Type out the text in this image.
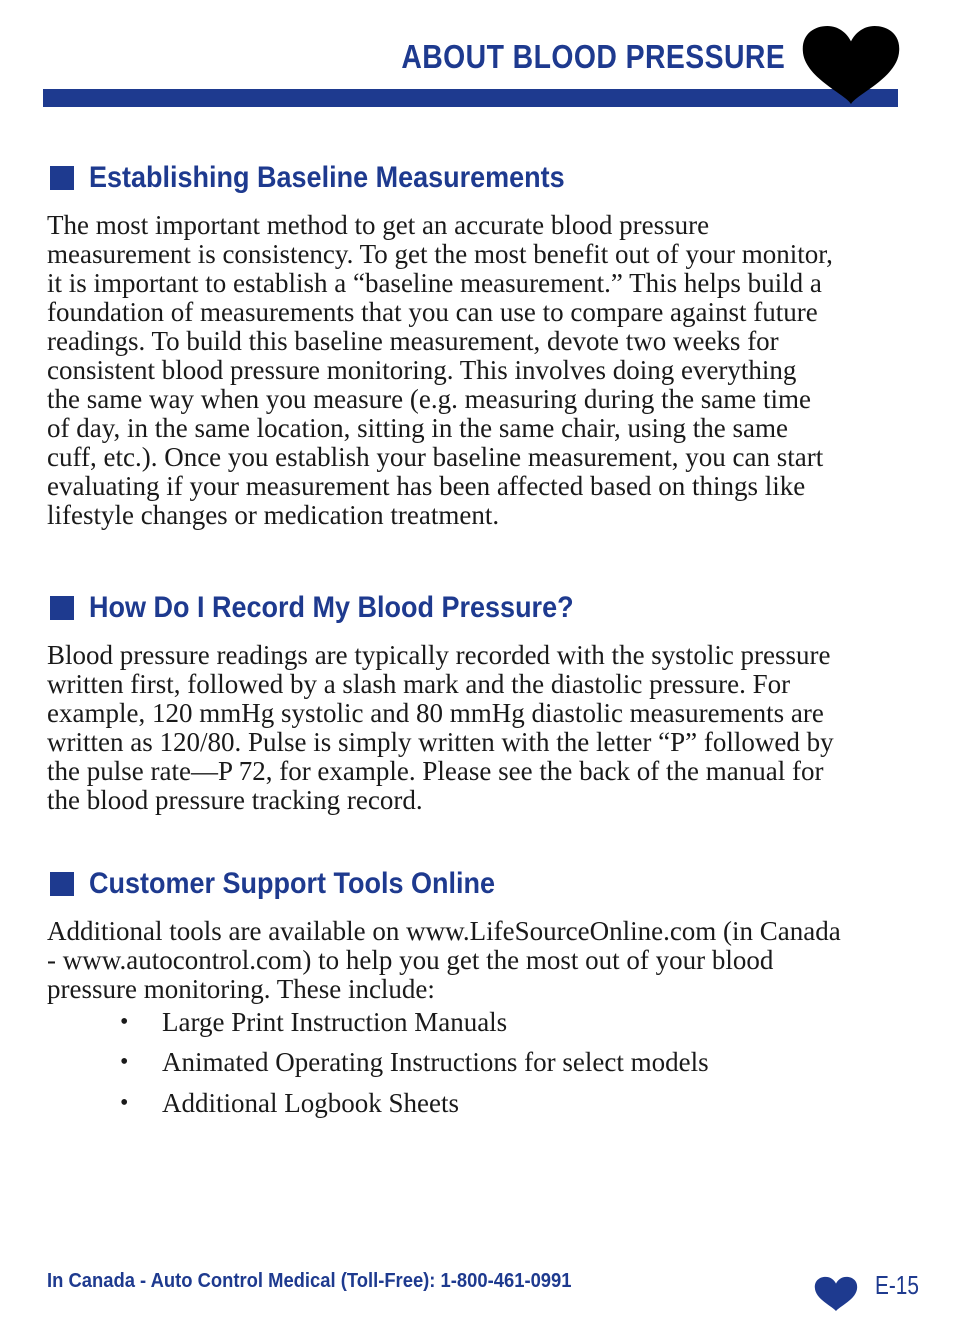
ABOUT BLOOD PRESSURE
Establishing Baseline Measurements

The most important method to get an accurate blood pressure
measurement is consistency. To get the most benefit out of your monitor,
it is important to establish a “baseline measurement.” This helps build a
foundation of measurements that you can use to compare against future
readings. To build this baseline measurement, devote two weeks for
consistent blood pressure monitoring. This involves doing everything
the same way when you measure (e.g. measuring during the same time
of day, in the same location, sitting in the same chair, using the same
cuff, etc.). Once you establish your baseline measurement, you can start
evaluating if your measurement has been affected based on things like
lifestyle changes or medication treatment.

How Do I Record My Blood Pressure?

Blood pressure readings are typically recorded with the systolic pressure
written first, followed by a slash mark and the diastolic pressure. For
example, 120 mmHg systolic and 80 mmHg diastolic measurements are
written as 120/80. Pulse is simply written with the letter “P” followed by
the pulse rate—P 72, for example. Please see the back of the manual for
the blood pressure tracking record.

Customer Support Tools Online

Additional tools are available on www.LifeSourceOnline.com (in Canada
- www.autocontrol.com) to help you get the most out of your blood
pressure monitoring. These include:

•	Large Print Instruction Manuals
•	Animated Operating Instructions for select models
•	Additional Logbook Sheets
In Canada - Auto Control Medical (Toll-Free): 1-800-461-0991	E-15
